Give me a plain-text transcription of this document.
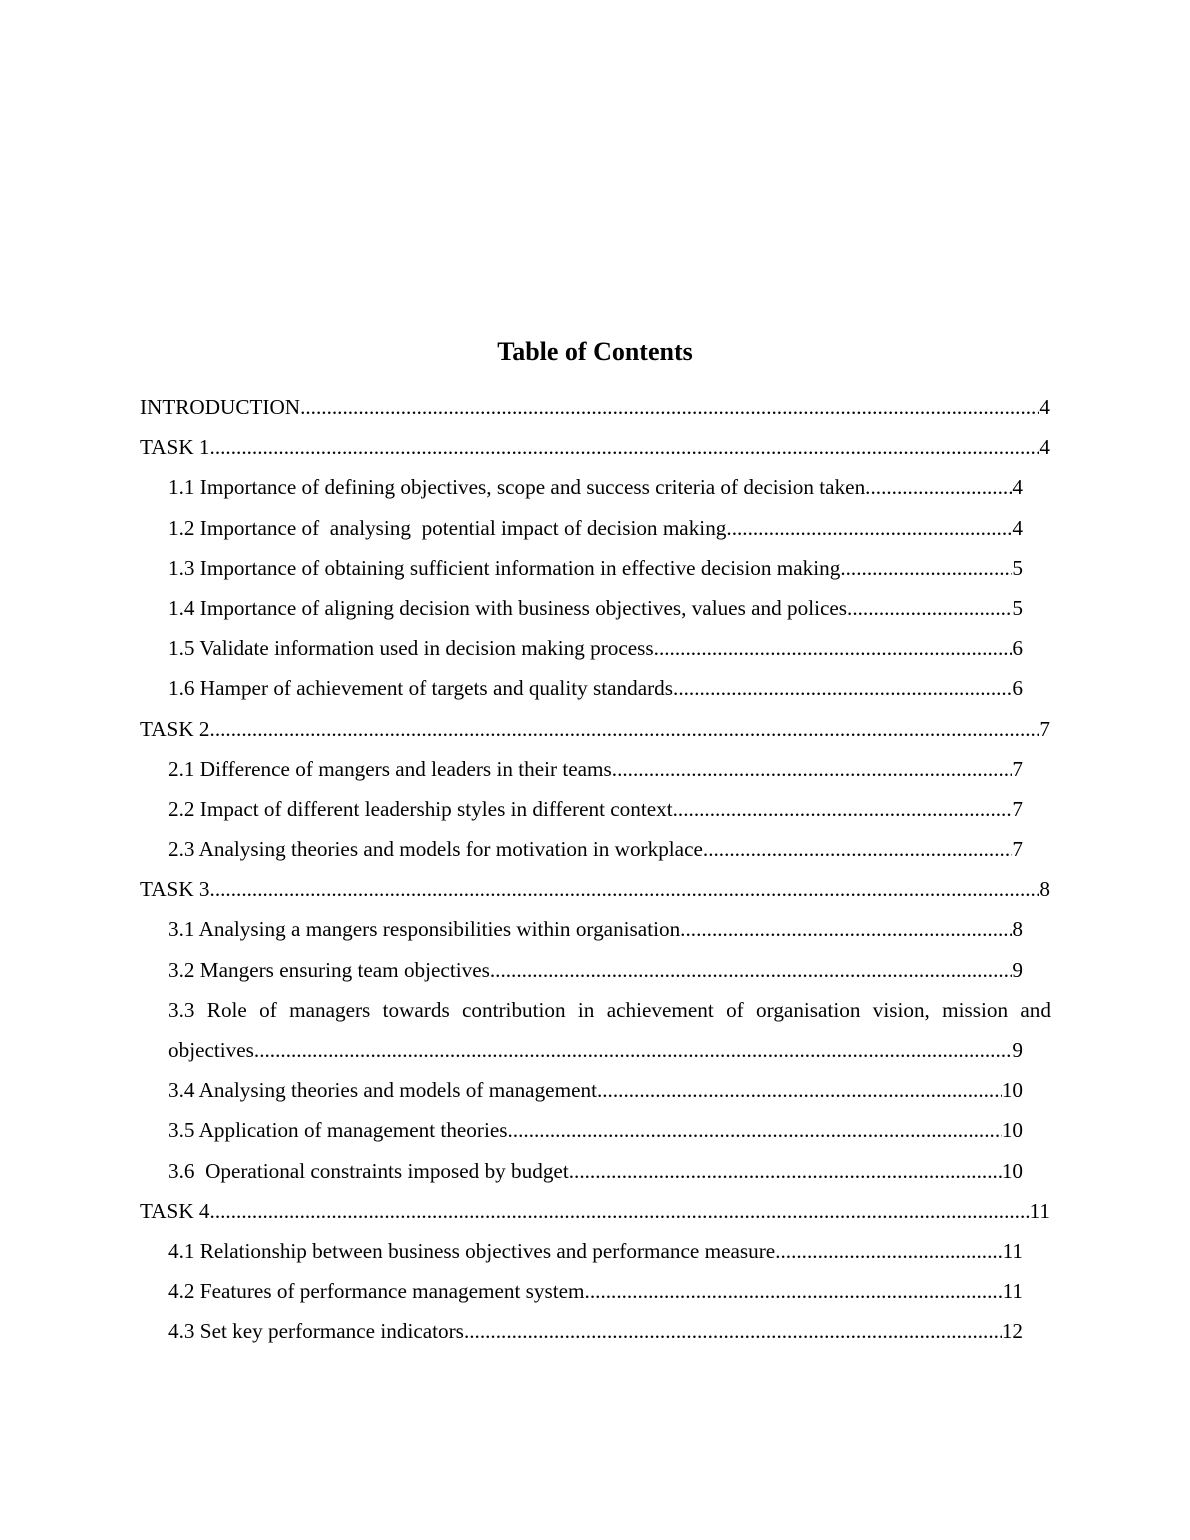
Table of Contents
INTRODUCTION .....	4
TASK 1 .....	4
1.1 Importance of defining objectives, scope and success criteria of decision taken .....	4
1.2 Importance of  analysing  potential impact of decision making .....	4
1.3 Importance of obtaining sufficient information in effective decision making .....	5
1.4 Importance of aligning decision with business objectives, values and polices .....	5
1.5 Validate information used in decision making process .....	6
1.6 Hamper of achievement of targets and quality standards .....	6
TASK 2 .....	7
2.1 Difference of mangers and leaders in their teams .....	7
2.2 Impact of different leadership styles in different context .....	7
2.3 Analysing theories and models for motivation in workplace .....	7
TASK 3 .....	8
3.1 Analysing a mangers responsibilities within organisation .....	8
3.2 Mangers ensuring team objectives .....	9
3.3 Role of managers towards contribution in achievement of organisation vision, mission and
objectives .....	9
3.4 Analysing theories and models of management .....	10
3.5 Application of management theories .....	10
3.6  Operational constraints imposed by budget .....	10
TASK 4 .....	11
4.1 Relationship between business objectives and performance measure .....	11
4.2 Features of performance management system .....	11
4.3 Set key performance indicators .....	12
